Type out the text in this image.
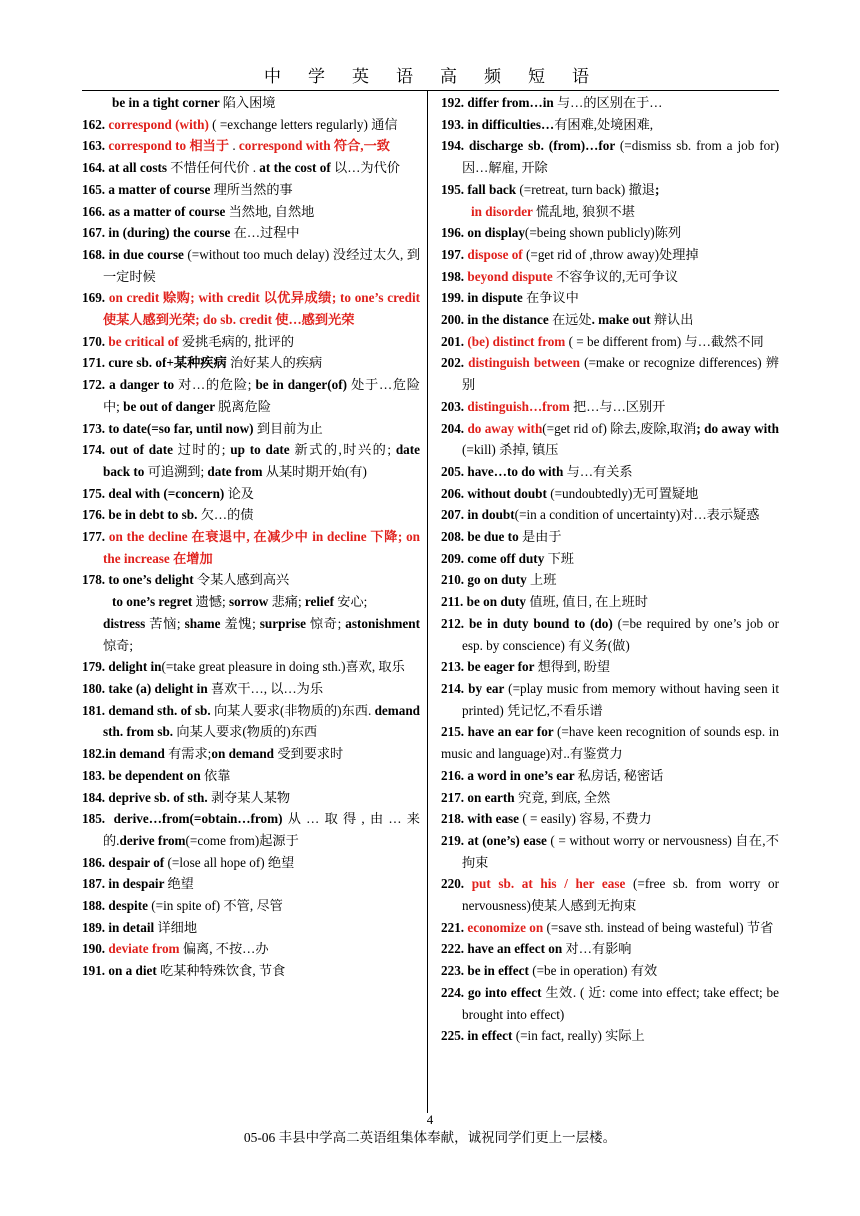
中学英语高频短语
be in a tight corner 陷入困境
162. correspond (with) ( =exchange letters regularly) 通信
163. correspond to 相当于 . correspond with 符合,一致
164. at all costs 不惜任何代价 . at the cost of 以…为代价
165. a matter of course 理所当然的事
166. as a matter of course 当然地, 自然地
167. in (during) the course 在…过程中
168. in due course (=without too much delay) 没经过太久, 到一定时候
169. on credit 赊购; with credit 以优异成绩; to one’s credit 使某人感到光荣; do sb. credit 使…感到光荣
170. be critical of 爱挑毛病的, 批评的
171. cure sb. of+某种疾病 治好某人的疾病
172. a danger to 对…的危险; be in danger(of) 处于…危险中; be out of danger 脱离危险
173. to date(=so far, until now) 到目前为止
174. out of date 过时的; up to date 新式的,时兴的; date back to 可追溯到; date from 从某时期开始(有)
175. deal with (=concern) 论及
176. be in debt to sb. 欠…的债
177. on the decline 在衰退中, 在减少中 in decline 下降; on the increase 在增加
178. to one’s delight 令某人感到高兴
to one’s regret 遗憾; sorrow 悲痛; relief 安心;
distress 苦恼; shame 羞愧; surprise 惊奇; astonishment 惊奇;
179. delight in(=take great pleasure in doing sth.)喜欢, 取乐
180. take (a) delight in 喜欢干…, 以…为乐
181. demand sth. of sb. 向某人要求(非物质的)东西. demand sth. from sb. 向某人要求(物质的)东西
182.in demand 有需求;on demand 受到要求时
183. be dependent on 依靠
184. deprive sb. of sth. 剥夺某人某物
185. derive…from(=obtain…from)从…取得,由…来的.derive from(=come from)起源于
186. despair of (=lose all hope of) 绝望
187. in despair 绝望
188. despite (=in spite of) 不管, 尽管
189. in detail 详细地
190. deviate from 偏离, 不按…办
191. on a diet 吃某种特殊饮食, 节食
192. differ from…in 与…的区别在于…
193. in difficulties…有困难,处境困难,
194. discharge sb. (from)…for (=dismiss sb. from a job for) 因…解雇, 开除
195. fall back (=retreat, turn back) 撤退;
in disorder 慌乱地, 狼狈不堪
196. on display(=being shown publicly)陈列
197. dispose of (=get rid of ,throw away)处理掉
198. beyond dispute 不容争议的,无可争议
199. in dispute 在争议中
200. in the distance 在远处. make out 辩认出
201. (be) distinct from ( = be different from) 与…截然不同
202. distinguish between (=make or recognize differences) 辨别
203. distinguish…from 把…与…区别开
204. do away with(=get rid of) 除去,废除,取消; do away with (=kill) 杀掉, 镇压
205. have…to do with 与…有关系
206. without doubt (=undoubtedly)无可置疑地
207. in doubt(=in a condition of uncertainty)对…表示疑惑
208. be due to 是由于
209. come off duty 下班
210. go on duty 上班
211. be on duty 值班, 值日, 在上班时
212. be in duty bound to (do) (=be required by one’s job or esp. by conscience) 有义务(做)
213. be eager for 想得到, 盼望
214. by ear (=play music from memory without having seen it printed) 凭记忆,不看乐谱
215. have an ear for (=have keen recognition of sounds esp. in music and language)对..有鉴赏力
216. a word in one’s ear 私房话, 秘密话
217. on earth 究竟, 到底, 全然
218. with ease ( = easily) 容易, 不费力
219. at (one’s) ease ( = without worry or nervousness) 自在,不拘束
220. put sb. at his / her ease (=free sb. from worry or nervousness)使某人感到无拘束
221. economize on (=save sth. instead of being wasteful) 节省
222. have an effect on 对…有影响
223. be in effect (=be in operation) 有效
224. go into effect 生效. ( 近: come into effect; take effect; be brought into effect)
225. in effect (=in fact, really) 实际上
4
05-06 丰县中学高二英语组集体奉献，诚祝同学们更上一层楼。
